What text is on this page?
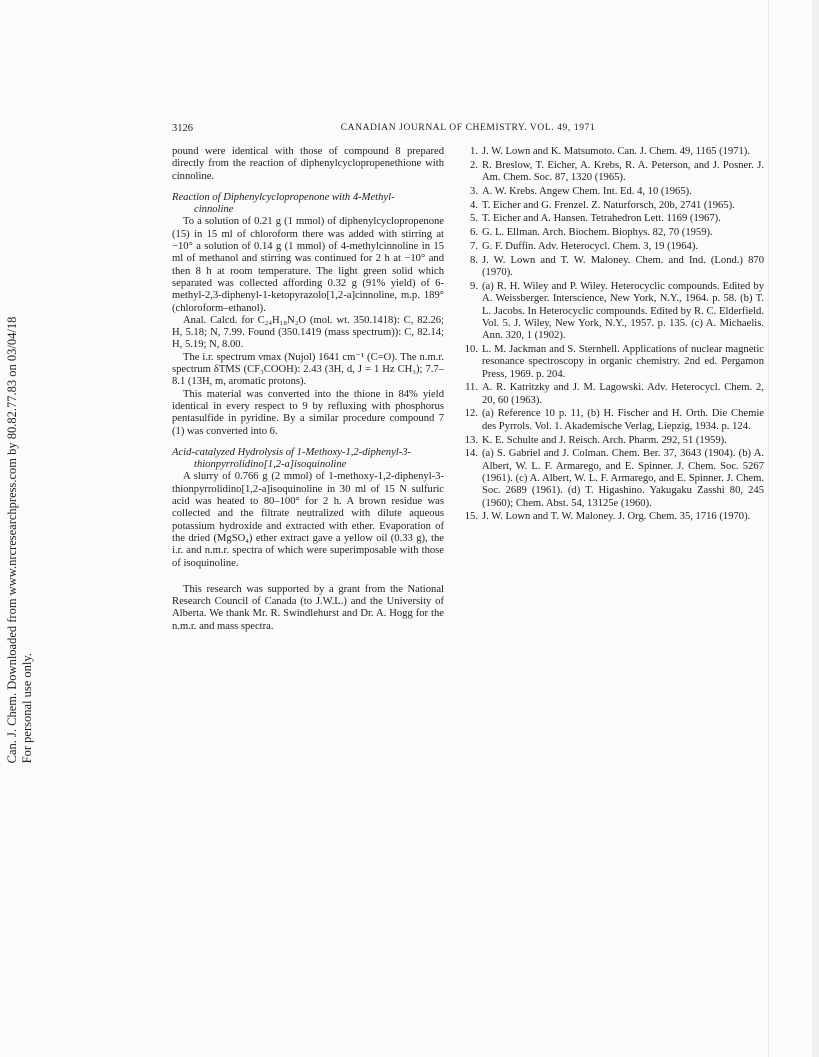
Can. J. Chem. Downloaded from www.nrcresearchpress.com by 80.82.77.83 on 03/04/18 For personal use only.
3126	CANADIAN JOURNAL OF CHEMISTRY. VOL. 49, 1971

pound were identical with those of compound 8 prepared directly from the reaction of diphenylcyclopropenethione with cinnoline.

Reaction of Diphenylcyclopropenone with 4-Methyl-
cinnoline

To a solution of 0.21 g (1 mmol) of diphenylcyclopropenone (15) in 15 ml of chloroform there was added with stirring at −10° a solution of 0.14 g (1 mmol) of 4-methylcinnoline in 15 ml of methanol and stirring was continued for 2 h at −10° and then 8 h at room temperature. The light green solid which separated was collected affording 0.32 g (91% yield) of 6-methyl-2,3-diphenyl-1-ketopyrazolo[1,2-a]cinnoline, m.p. 189° (chloroform–ethanol).

Anal. Calcd. for C₂₄H₁₈N₂O (mol. wt. 350.1418): C, 82.26; H, 5.18; N, 7.99. Found (350.1419 (mass spectrum)): C, 82.14; H, 5.19; N, 8.00.

The i.r. spectrum νmax (Nujol) 1641 cm⁻¹ (C=O). The n.m.r. spectrum δTMS (CF₃COOH): 2.43 (3H, d, J = 1 Hz CH₃); 7.7–8.1 (13H, m, aromatic protons).

This material was converted into the thione in 84% yield identical in every respect to 9 by refluxing with phosphorus pentasulfide in pyridine. By a similar procedure compound 7 (1) was converted into 6.

Acid-catalyzed Hydrolysis of 1-Methoxy-1,2-diphenyl-3-
thionpyrrolidino[1,2-a]isoquinoline

A slurry of 0.766 g (2 mmol) of 1-methoxy-1,2-diphenyl-3-thionpyrrolidino[1,2-a]isoquinoline in 30 ml of 15 N sulfuric acid was heated to 80–100° for 2 h. A brown residue was collected and the filtrate neutralized with dilute aqueous potassium hydroxide and extracted with ether. Evaporation of the dried (MgSO₄) ether extract gave a yellow oil (0.33 g), the i.r. and n.m.r. spectra of which were superimposable with those of isoquinoline.

This research was supported by a grant from the National Research Council of Canada (to J.W.L.) and the University of Alberta. We thank Mr. R. Swindlehurst and Dr. A. Hogg for the n.m.r. and mass spectra.

1. J. W. Lown and K. Matsumoto. Can. J. Chem. 49, 1165 (1971).
2. R. Breslow, T. Eicher, A. Krebs, R. A. Peterson, and J. Posner. J. Am. Chem. Soc. 87, 1320 (1965).
3. A. W. Krebs. Angew Chem. Int. Ed. 4, 10 (1965).
4. T. Eicher and G. Frenzel. Z. Naturforsch, 20b, 2741 (1965).
5. T. Eicher and A. Hansen. Tetrahedron Lett. 1169 (1967).
6. G. L. Ellman. Arch. Biochem. Biophys. 82, 70 (1959).
7. G. F. Duffin. Adv. Heterocycl. Chem. 3, 19 (1964).
8. J. W. Lown and T. W. Maloney. Chem. and Ind. (Lond.) 870 (1970).
9. (a) R. H. Wiley and P. Wiley. Heterocyclic compounds. Edited by A. Weissberger. Interscience, New York, N.Y., 1964. p. 58. (b) T. L. Jacobs. In Heterocyclic compounds. Edited by R. C. Elderfield. Vol. 5. J. Wiley, New York, N.Y., 1957. p. 135. (c) A. Michaelis. Ann. 320, 1 (1902).
10. L. M. Jackman and S. Sternhell. Applications of nuclear magnetic resonance spectroscopy in organic chemistry. 2nd ed. Pergamon Press, 1969. p. 204.
11. A. R. Katritzky and J. M. Lagowski. Adv. Heterocycl. Chem. 2, 20, 60 (1963).
12. (a) Reference 10 p. 11, (b) H. Fischer and H. Orth. Die Chemie des Pyrrols. Vol. 1. Akademische Verlag, Liepzig, 1934. p. 124.
13. K. E. Schulte and J. Reisch. Arch. Pharm. 292, 51 (1959).
14. (a) S. Gabriel and J. Colman. Chem. Ber. 37, 3643 (1904). (b) A. Albert, W. L. F. Armarego, and E. Spinner. J. Chem. Soc. 5267 (1961). (c) A. Albert, W. L. F. Armarego, and E. Spinner. J. Chem. Soc. 2689 (1961). (d) T. Higashino. Yakugaku Zasshi 80, 245 (1960); Chem. Abst. 54, 13125e (1960).
15. J. W. Lown and T. W. Maloney. J. Org. Chem. 35, 1716 (1970).
